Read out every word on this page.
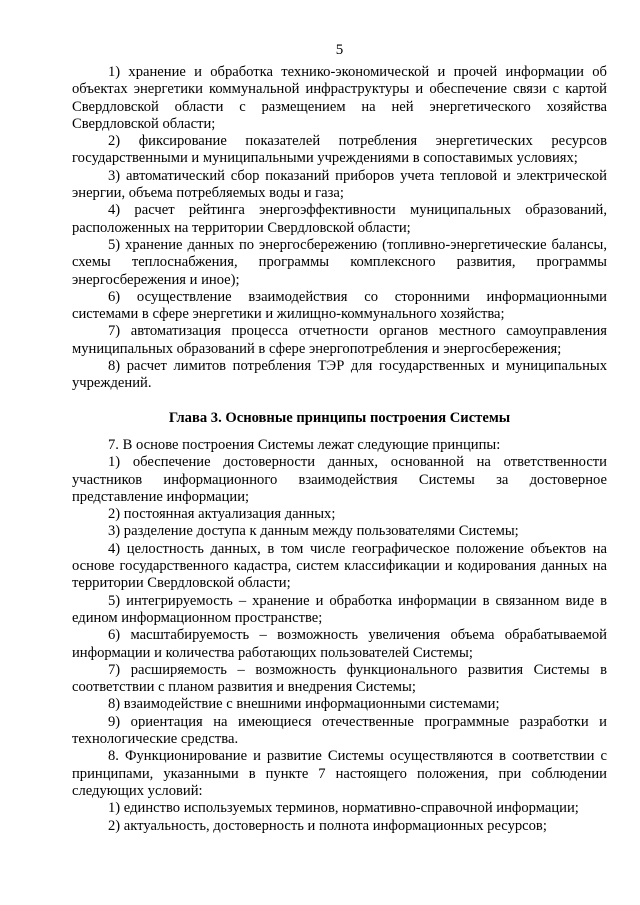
5

1) хранение и обработка технико-экономической и прочей информации об объектах энергетики коммунальной инфраструктуры и обеспечение связи с картой Свердловской области с размещением на ней энергетического хозяйства Свердловской области;

2) фиксирование показателей потребления энергетических ресурсов государственными и муниципальными учреждениями в сопоставимых условиях;

3) автоматический сбор показаний приборов учета тепловой и электрической энергии, объема потребляемых воды и газа;

4) расчет рейтинга энергоэффективности муниципальных образований, расположенных на территории Свердловской области;

5) хранение данных по энергосбережению (топливно-энергетические балансы, схемы теплоснабжения, программы комплексного развития, программы энергосбережения и иное);

6) осуществление взаимодействия со сторонними информационными системами в сфере энергетики и жилищно-коммунального хозяйства;

7) автоматизация процесса отчетности органов местного самоуправления муниципальных образований в сфере энергопотребления и энергосбережения;

8) расчет лимитов потребления ТЭР для государственных и муниципальных учреждений.

Глава 3. Основные принципы построения Системы

7. В основе построения Системы лежат следующие принципы:

1) обеспечение достоверности данных, основанной на ответственности участников информационного взаимодействия Системы за достоверное представление информации;

2) постоянная актуализация данных;

3) разделение доступа к данным между пользователями Системы;

4) целостность данных, в том числе географическое положение объектов на основе государственного кадастра, систем классификации и кодирования данных на территории Свердловской области;

5) интегрируемость – хранение и обработка информации в связанном виде в едином информационном пространстве;

6) масштабируемость – возможность увеличения объема обрабатываемой информации и количества работающих пользователей Системы;

7) расширяемость – возможность функционального развития Системы в соответствии с планом развития и внедрения Системы;

8) взаимодействие с внешними информационными системами;

9) ориентация на имеющиеся отечественные программные разработки и технологические средства.

8. Функционирование и развитие Системы осуществляются в соответствии с принципами, указанными в пункте 7 настоящего положения, при соблюдении следующих условий:

1) единство используемых терминов, нормативно-справочной информации;

2) актуальность, достоверность и полнота информационных ресурсов;
